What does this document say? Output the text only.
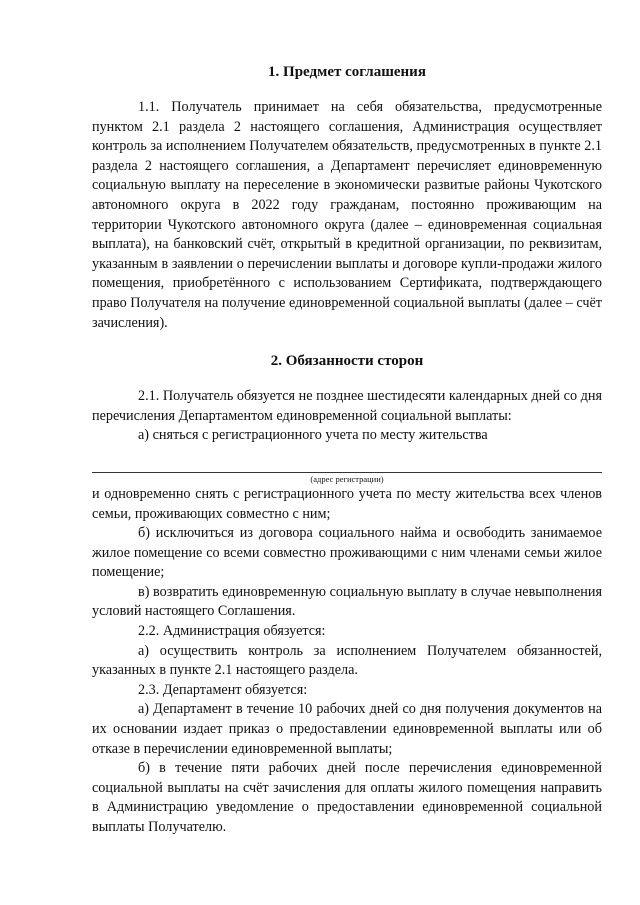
1. Предмет соглашения

1.1. Получатель принимает на себя обязательства, предусмотренные пунктом 2.1 раздела 2 настоящего соглашения, Администрация осуществляет контроль за исполнением Получателем обязательств, предусмотренных в пункте 2.1 раздела 2 настоящего соглашения, а Департамент перечисляет единовременную социальную выплату на переселение в экономически развитые районы Чукотского автономного округа в 2022 году гражданам, постоянно проживающим на территории Чукотского автономного округа (далее – единовременная социальная выплата), на банковский счёт, открытый в кредитной организации, по реквизитам, указанным в заявлении о перечислении выплаты и договоре купли-продажи жилого помещения, приобретённого с использованием Сертификата, подтверждающего право Получателя на получение единовременной социальной выплаты (далее – счёт зачисления).

2. Обязанности сторон

2.1. Получатель обязуется не позднее шестидесяти календарных дней со дня перечисления Департаментом единовременной социальной выплаты:

а) сняться с регистрационного учета по месту жительства

(адрес регистрации)

и одновременно снять с регистрационного учета по месту жительства всех членов семьи, проживающих совместно с ним;

б) исключиться из договора социального найма и освободить занимаемое жилое помещение со всеми совместно проживающими с ним членами семьи жилое помещение;

в) возвратить единовременную социальную выплату в случае невыполнения условий настоящего Соглашения.

2.2. Администрация обязуется:

а) осуществить контроль за исполнением Получателем обязанностей, указанных в пункте 2.1 настоящего раздела.

2.3. Департамент обязуется:

а) Департамент в течение 10 рабочих дней со дня получения документов на их основании издает приказ о предоставлении единовременной выплаты или об отказе в перечислении единовременной выплаты;

б) в течение пяти рабочих дней после перечисления единовременной социальной выплаты на счёт зачисления для оплаты жилого помещения направить в Администрацию уведомление о предоставлении единовременной социальной выплаты Получателю.
